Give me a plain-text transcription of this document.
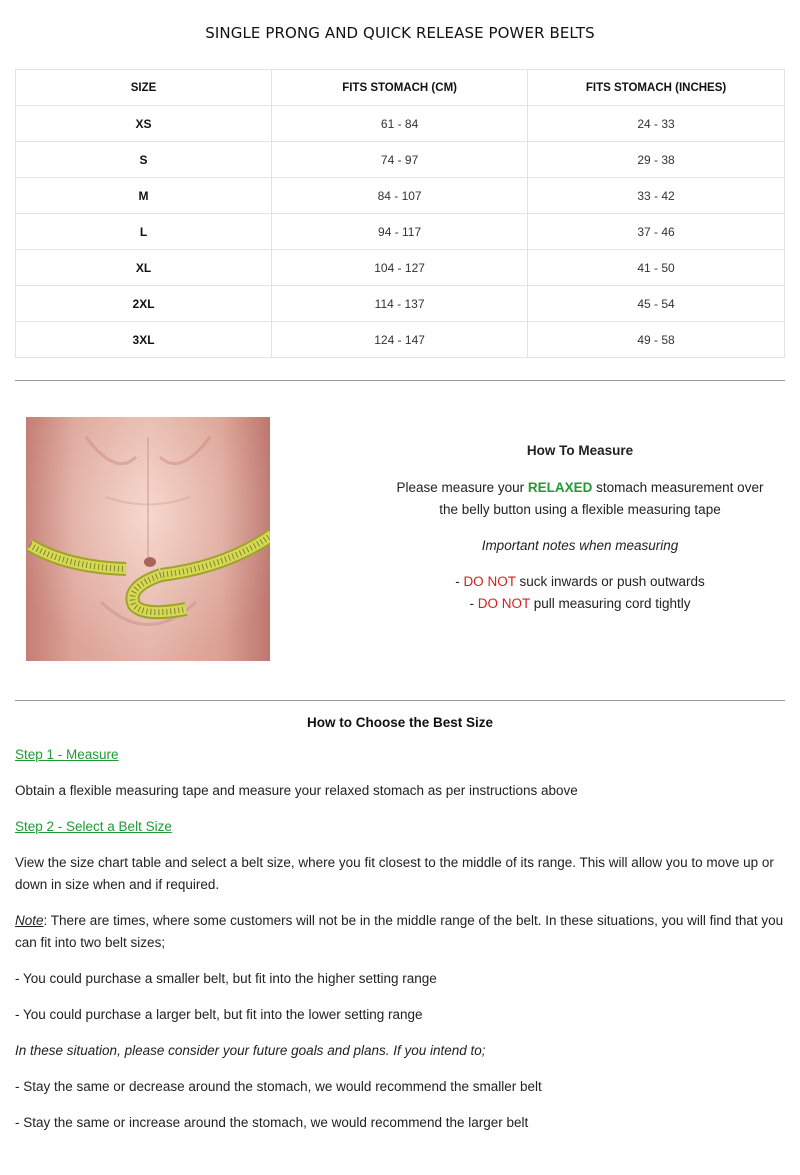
SINGLE PRONG AND QUICK RELEASE POWER BELTS
SIZE	FITS STOMACH (CM)	FITS STOMACH (INCHES)
XS	61 - 84	24 - 33
S	74 - 97	29 - 38
M	84 - 107	33 - 42
L	94 - 117	37 - 46
XL	104 - 127	41 - 50
2XL	114 - 137	45 - 54
3XL	124 - 147	49 - 58
How To Measure
Please measure your RELAXED stomach measurement over
the belly button using a flexible measuring tape
Important notes when measuring
- DO NOT suck inwards or push outwards
- DO NOT pull measuring cord tightly
How to Choose the Best Size

Step 1 - Measure

Obtain a flexible measuring tape and measure your relaxed stomach as per instructions above

Step 2 - Select a Belt Size

View the size chart table and select a belt size, where you fit closest to the middle of its range. This will allow you to move up or down in size when and if required.

Note: There are times, where some customers will not be in the middle range of the belt. In these situations, you will find that you can fit into two belt sizes;

- You could purchase a smaller belt, but fit into the higher setting range

- You could purchase a larger belt, but fit into the lower setting range

In these situation, please consider your future goals and plans. If you intend to;

- Stay the same or decrease around the stomach, we would recommend the smaller belt

- Stay the same or increase around the stomach, we would recommend the larger belt
